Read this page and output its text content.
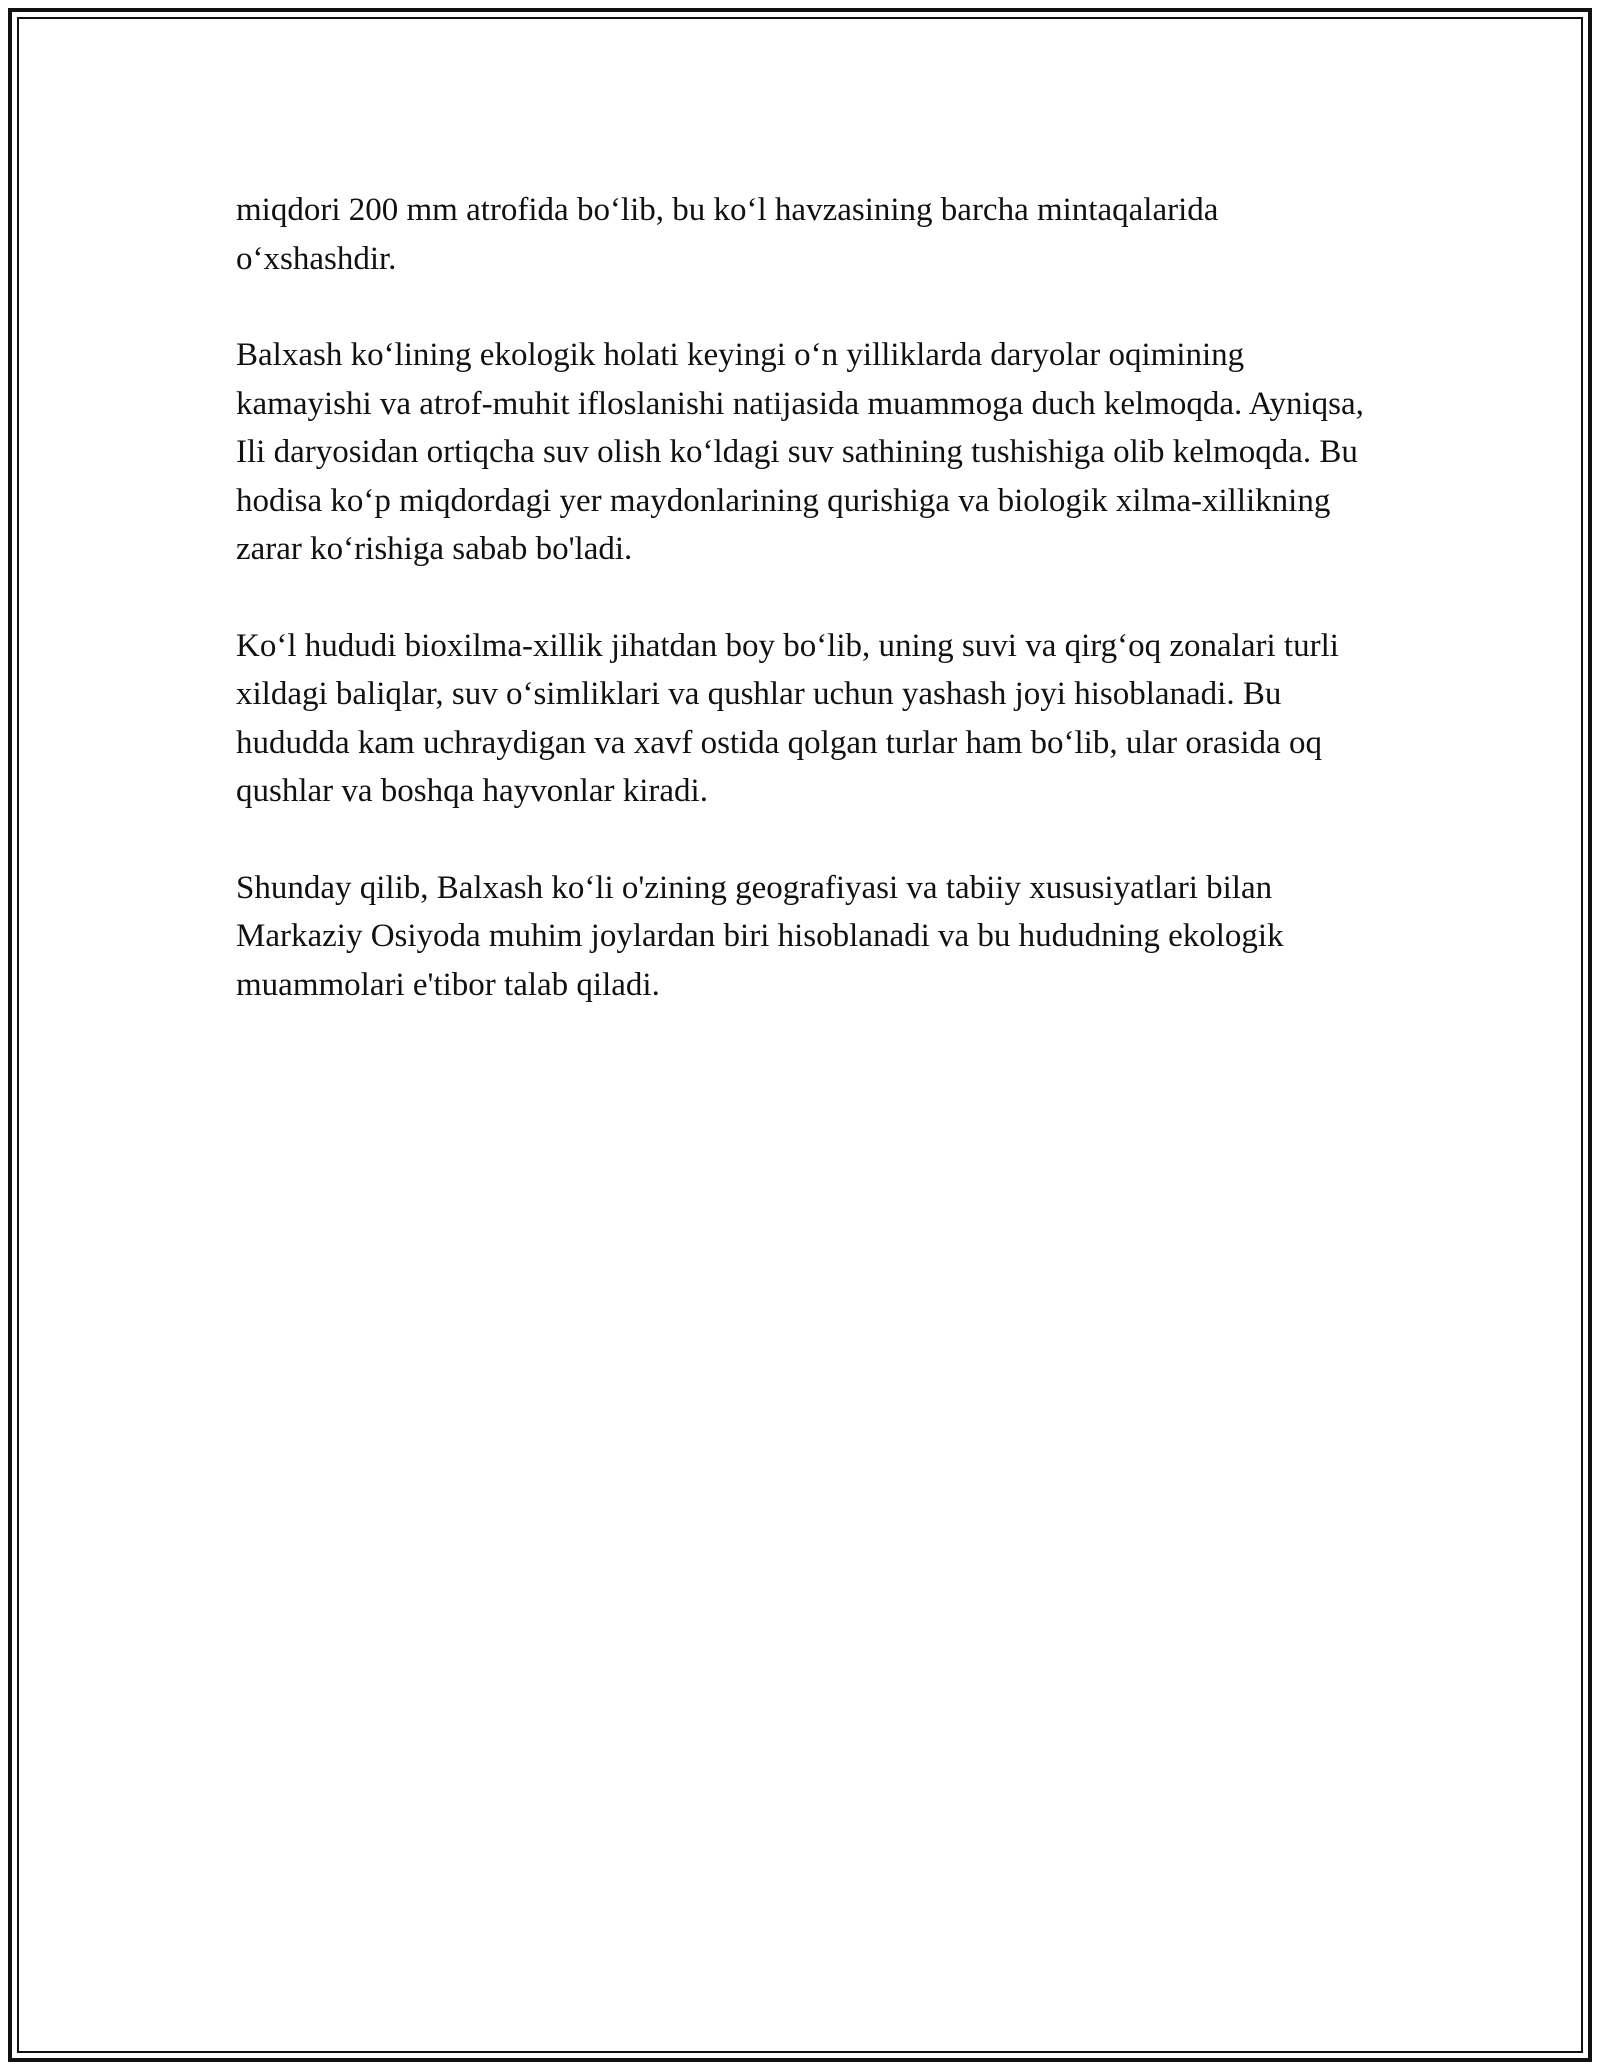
miqdori 200 mm atrofida bo‘lib, bu ko‘l havzasining barcha mintaqalarida o‘xshashdir.

Balxash ko‘lining ekologik holati keyingi o‘n yilliklarda daryolar oqimining kamayishi va atrof-muhit ifloslanishi natijasida muammoga duch kelmoqda. Ayniqsa, Ili daryosidan ortiqcha suv olish ko‘ldagi suv sathining tushishiga olib kelmoqda. Bu hodisa ko‘p miqdordagi yer maydonlarining qurishiga va biologik xilma-xillikning zarar ko‘rishiga sabab bo'ladi.

Ko‘l hududi bioxilma-xillik jihatdan boy bo‘lib, uning suvi va qirg‘oq zonalari turli xildagi baliqlar, suv o‘simliklari va qushlar uchun yashash joyi hisoblanadi. Bu hududda kam uchraydigan va xavf ostida qolgan turlar ham bo‘lib, ular orasida oq qushlar va boshqa hayvonlar kiradi.

Shunday qilib, Balxash ko‘li o'zining geografiyasi va tabiiy xususiyatlari bilan Markaziy Osiyoda muhim joylardan biri hisoblanadi va bu hududning ekologik muammolari e'tibor talab qiladi.
